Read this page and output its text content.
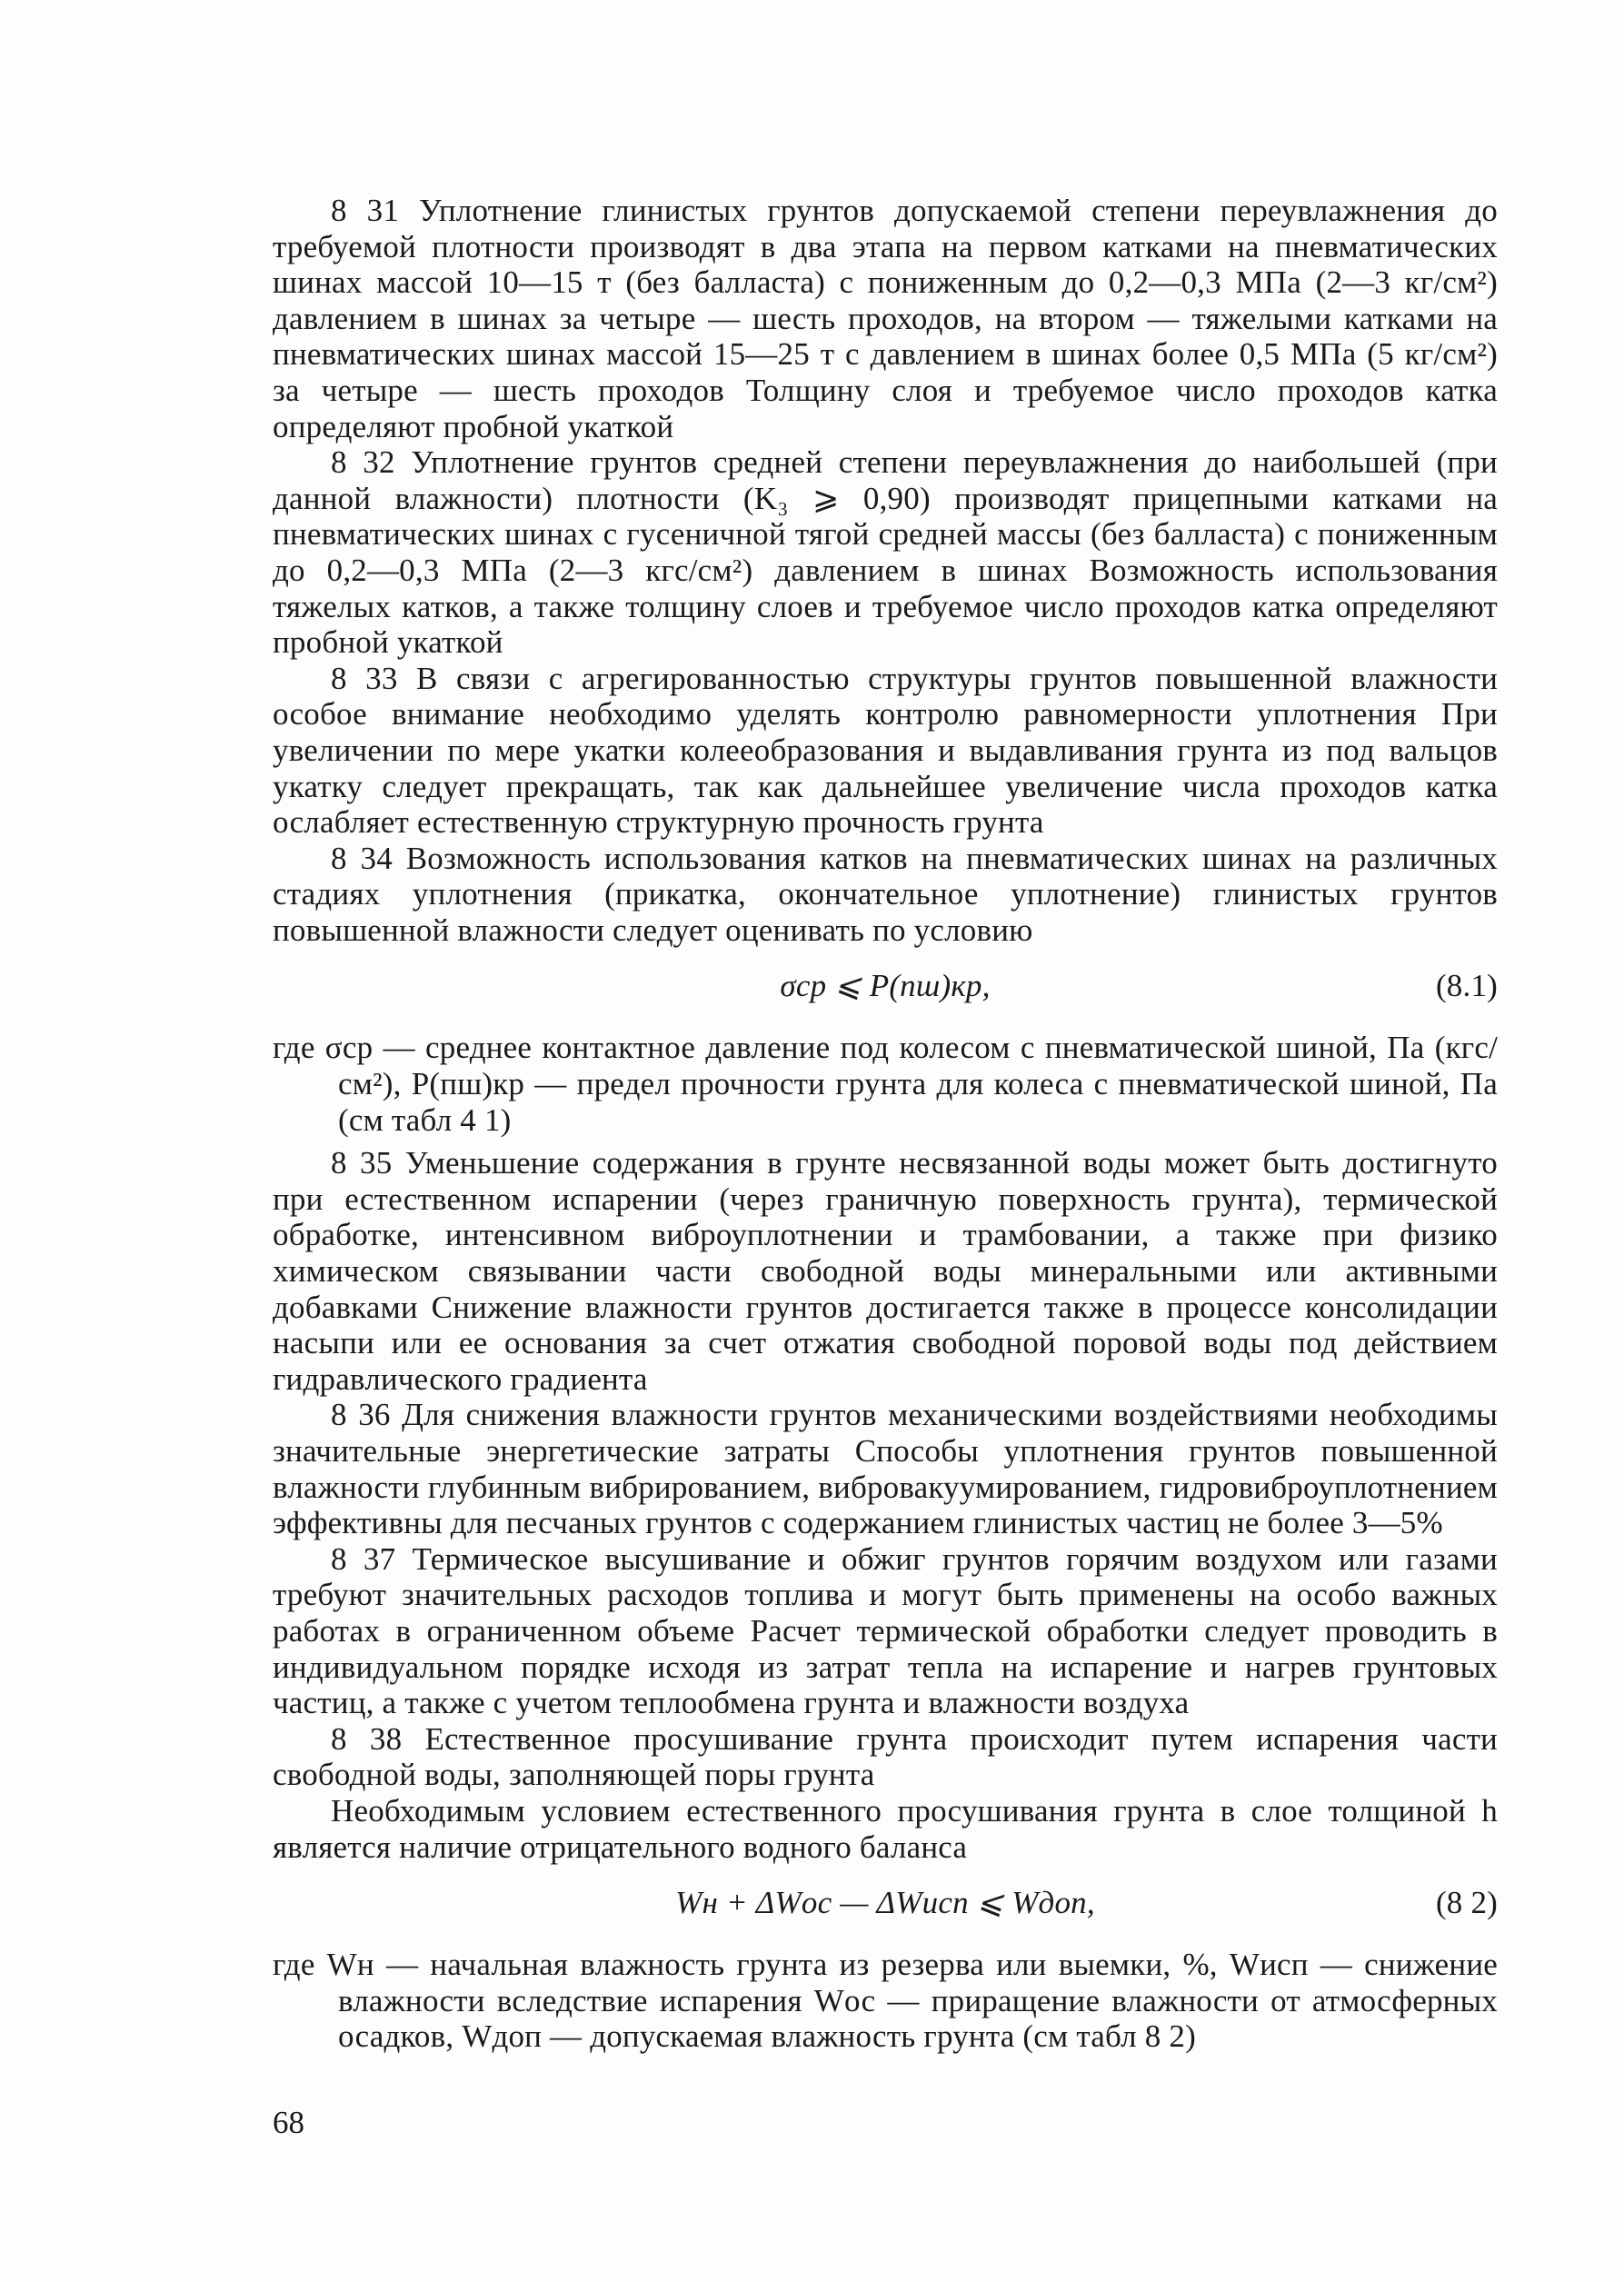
8 31 Уплотнение глинистых грунтов допускаемой степени переувлажнения до требуемой плотности производят в два этапа на первом катками на пневматических шинах массой 10—15 т (без балласта) с пониженным до 0,2—0,3 МПа (2—3 кг/см²) давлением в шинах за четыре — шесть проходов, на втором — тяжелыми катками на пневматических шинах массой 15—25 т с давлением в шинах более 0,5 МПа (5 кг/см²) за четыре — шесть проходов Толщину слоя и требуемое число проходов катка определяют пробной укаткой

8 32 Уплотнение грунтов средней степени переувлажнения до наибольшей (при данной влажности) плотности (K₃ ⩾ 0,90) производят прицепными катками на пневматических шинах с гусеничной тягой средней массы (без балласта) с пониженным до 0,2—0,3 МПа (2—3 кгс/см²) давлением в шинах Возможность использования тяжелых катков, а также толщину слоев и требуемое число проходов катка определяют пробной укаткой

8 33 В связи с агрегированностью структуры грунтов повышенной влажности особое внимание необходимо уделять контролю равномерности уплотнения При увеличении по мере укатки колееобразования и выдавливания грунта из под вальцов укатку следует прекращать, так как дальнейшее увеличение числа проходов катка ослабляет естественную структурную прочность грунта

8 34 Возможность использования катков на пневматических шинах на различных стадиях уплотнения (прикатка, окончательное уплотнение) глинистых грунтов повышенной влажности следует оценивать по условию

σср ⩽ P(пш)кр,	(8.1)

где σср — среднее контактное давление под колесом с пневматической шиной, Па (кгс/см²), P(пш)кр — предел прочности грунта для колеса с пневматической шиной, Па (см табл 4 1)

8 35 Уменьшение содержания в грунте несвязанной воды может быть достигнуто при естественном испарении (через граничную поверхность грунта), термической обработке, интенсивном виброуплотнении и трамбовании, а также при физико химическом связывании части свободной воды минеральными или активными добавками Снижение влажности грунтов достигается также в процессе консолидации насыпи или ее основания за счет отжатия свободной поровой воды под действием гидравлического градиента

8 36 Для снижения влажности грунтов механическими воздействиями необходимы значительные энергетические затраты Способы уплотнения грунтов повышенной влажности глубинным вибрированием, вибровакуумированием, гидровиброуплотнением эффективны для песчаных грунтов с содержанием глинистых частиц не более 3—5%

8 37 Термическое высушивание и обжиг грунтов горячим воздухом или газами требуют значительных расходов топлива и могут быть применены на особо важных работах в ограниченном объеме Расчет термической обработки следует проводить в индивидуальном порядке исходя из затрат тепла на испарение и нагрев грунтовых частиц, а также с учетом теплообмена грунта и влажности воздуха

8 38 Естественное просушивание грунта происходит путем испарения части свободной воды, заполняющей поры грунта

Необходимым условием естественного просушивания грунта в слое толщиной h является наличие отрицательного водного баланса

Wн + ΔWос — ΔWисп ⩽ Wдоп,	(8 2)

где Wн — начальная влажность грунта из резерва или выемки, %, Wисп — снижение влажности вследствие испарения Wос — приращение влажности от атмосферных осадков, Wдоп — допускаемая влажность грунта (см табл 8 2)

68
